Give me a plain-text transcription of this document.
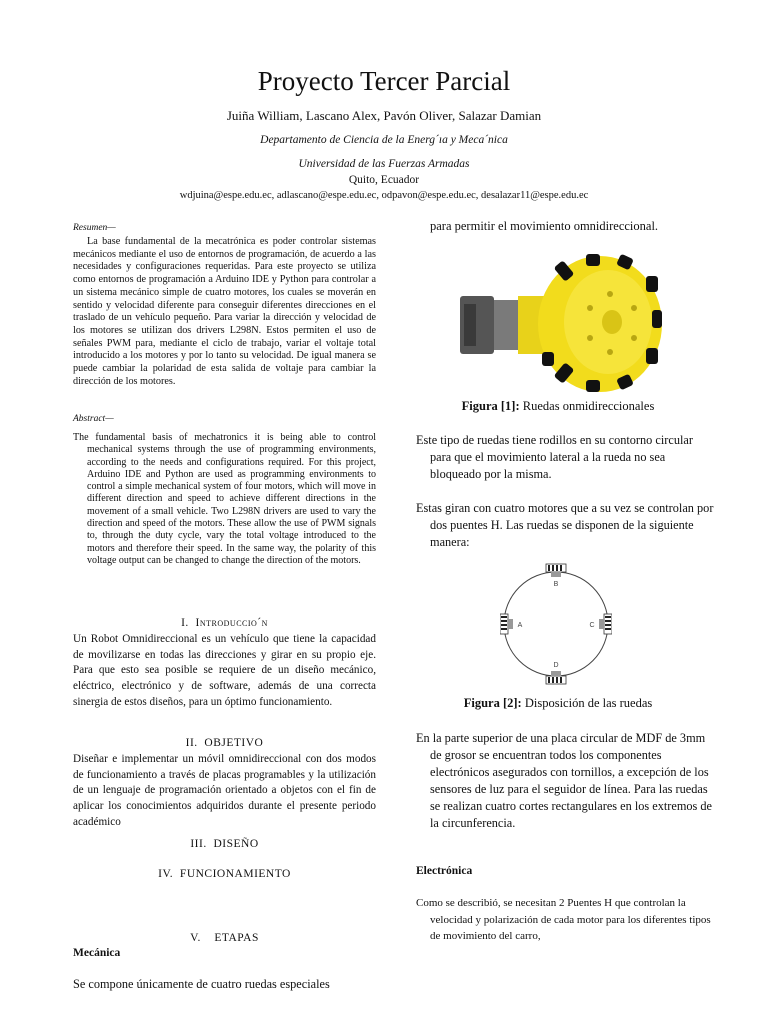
Proyecto Tercer Parcial
Juiña William, Lascano Alex, Pavón Oliver, Salazar Damian
Departamento de Ciencia de la Energ´ıa y Meca´nica
Universidad de las Fuerzas Armadas
Quito, Ecuador
wdjuina@espe.edu.ec, adlascano@espe.edu.ec, odpavon@espe.edu.ec, desalazar11@espe.edu.ec
Resumen—
La base fundamental de la mecatrónica es poder controlar sistemas mecánicos mediante el uso de entornos de programación, de acuerdo a las necesidades y configuraciones requeridas. Para este proyecto se utiliza como entornos de programación a Arduino IDE y Python para controlar a un sistema mecánico simple de cuatro motores, los cuales se moverán en sentido y velocidad diferente para conseguir diferentes direcciones en el traslado de un vehículo pequeño. Para variar la dirección y velocidad de los motores se utilizan dos drivers L298N. Estos permiten el uso de señales PWM para, mediante el ciclo de trabajo, variar el voltaje total introducido a los motores y por lo tanto su velocidad. De igual manera se puede cambiar la polaridad de esta salida de voltaje para cambiar la dirección de los motores.
Abstract—
The fundamental basis of mechatronics it is being able to control mechanical systems through the use of programming environments, according to the needs and configurations required. For this project, Arduino IDE and Python are used as programming environments to control a simple mechanical system of four motors, which will move in different direction and speed to achieve different directions in the movement of a small vehicle. Two L298N drivers are used to vary the direction and speed of the motors. These allow the use of PWM signals to, through the duty cycle, vary the total voltage introduced to the motors and therefore their speed. In the same way, the polarity of this voltage output can be changed to change the direction of the motors.
I. Introduccio´n
Un Robot Omnidireccional es un vehículo que tiene la capacidad de movilizarse en todas las direcciones y girar en su propio eje. Para que esto sea posible se requiere de un diseño mecánico, eléctrico, electrónico y de software, además de una correcta sinergia de estos diseños, para un óptimo funcionamiento.
II. OBJETIVO
Diseñar e implementar un móvil omnidireccional con dos modos de funcionamiento a través de placas programables y la utilización de un lenguaje de programación orientado a objetos con el fin de aplicar los conocimientos adquiridos durante el presente periodo académico
III. DISEÑO
IV. FUNCIONAMIENTO
V. ETAPAS
Mecánica
Se compone únicamente de cuatro ruedas especiales
para permitir el movimiento omnidireccional.
Figura [1]: Ruedas onmidireccionales
Este tipo de ruedas tiene rodillos en su contorno circular para que el movimiento lateral a la rueda no sea bloqueado por la misma.
Estas giran con cuatro motores que a su vez se controlan por dos puentes H. Las ruedas se disponen de la siguiente manera:
B
A	C
D
Figura [2]: Disposición de las ruedas
En la parte superior de una placa circular de MDF de 3mm de grosor se encuentran todos los componentes electrónicos asegurados con tornillos, a excepción de los sensores de luz para el seguidor de línea. Para las ruedas se realizan cuatro cortes rectangulares en los extremos de la circunferencia.
Electrónica
Como se describió, se necesitan 2 Puentes H que controlan la velocidad y polarización de cada motor para los diferentes tipos de movimiento del carro,
